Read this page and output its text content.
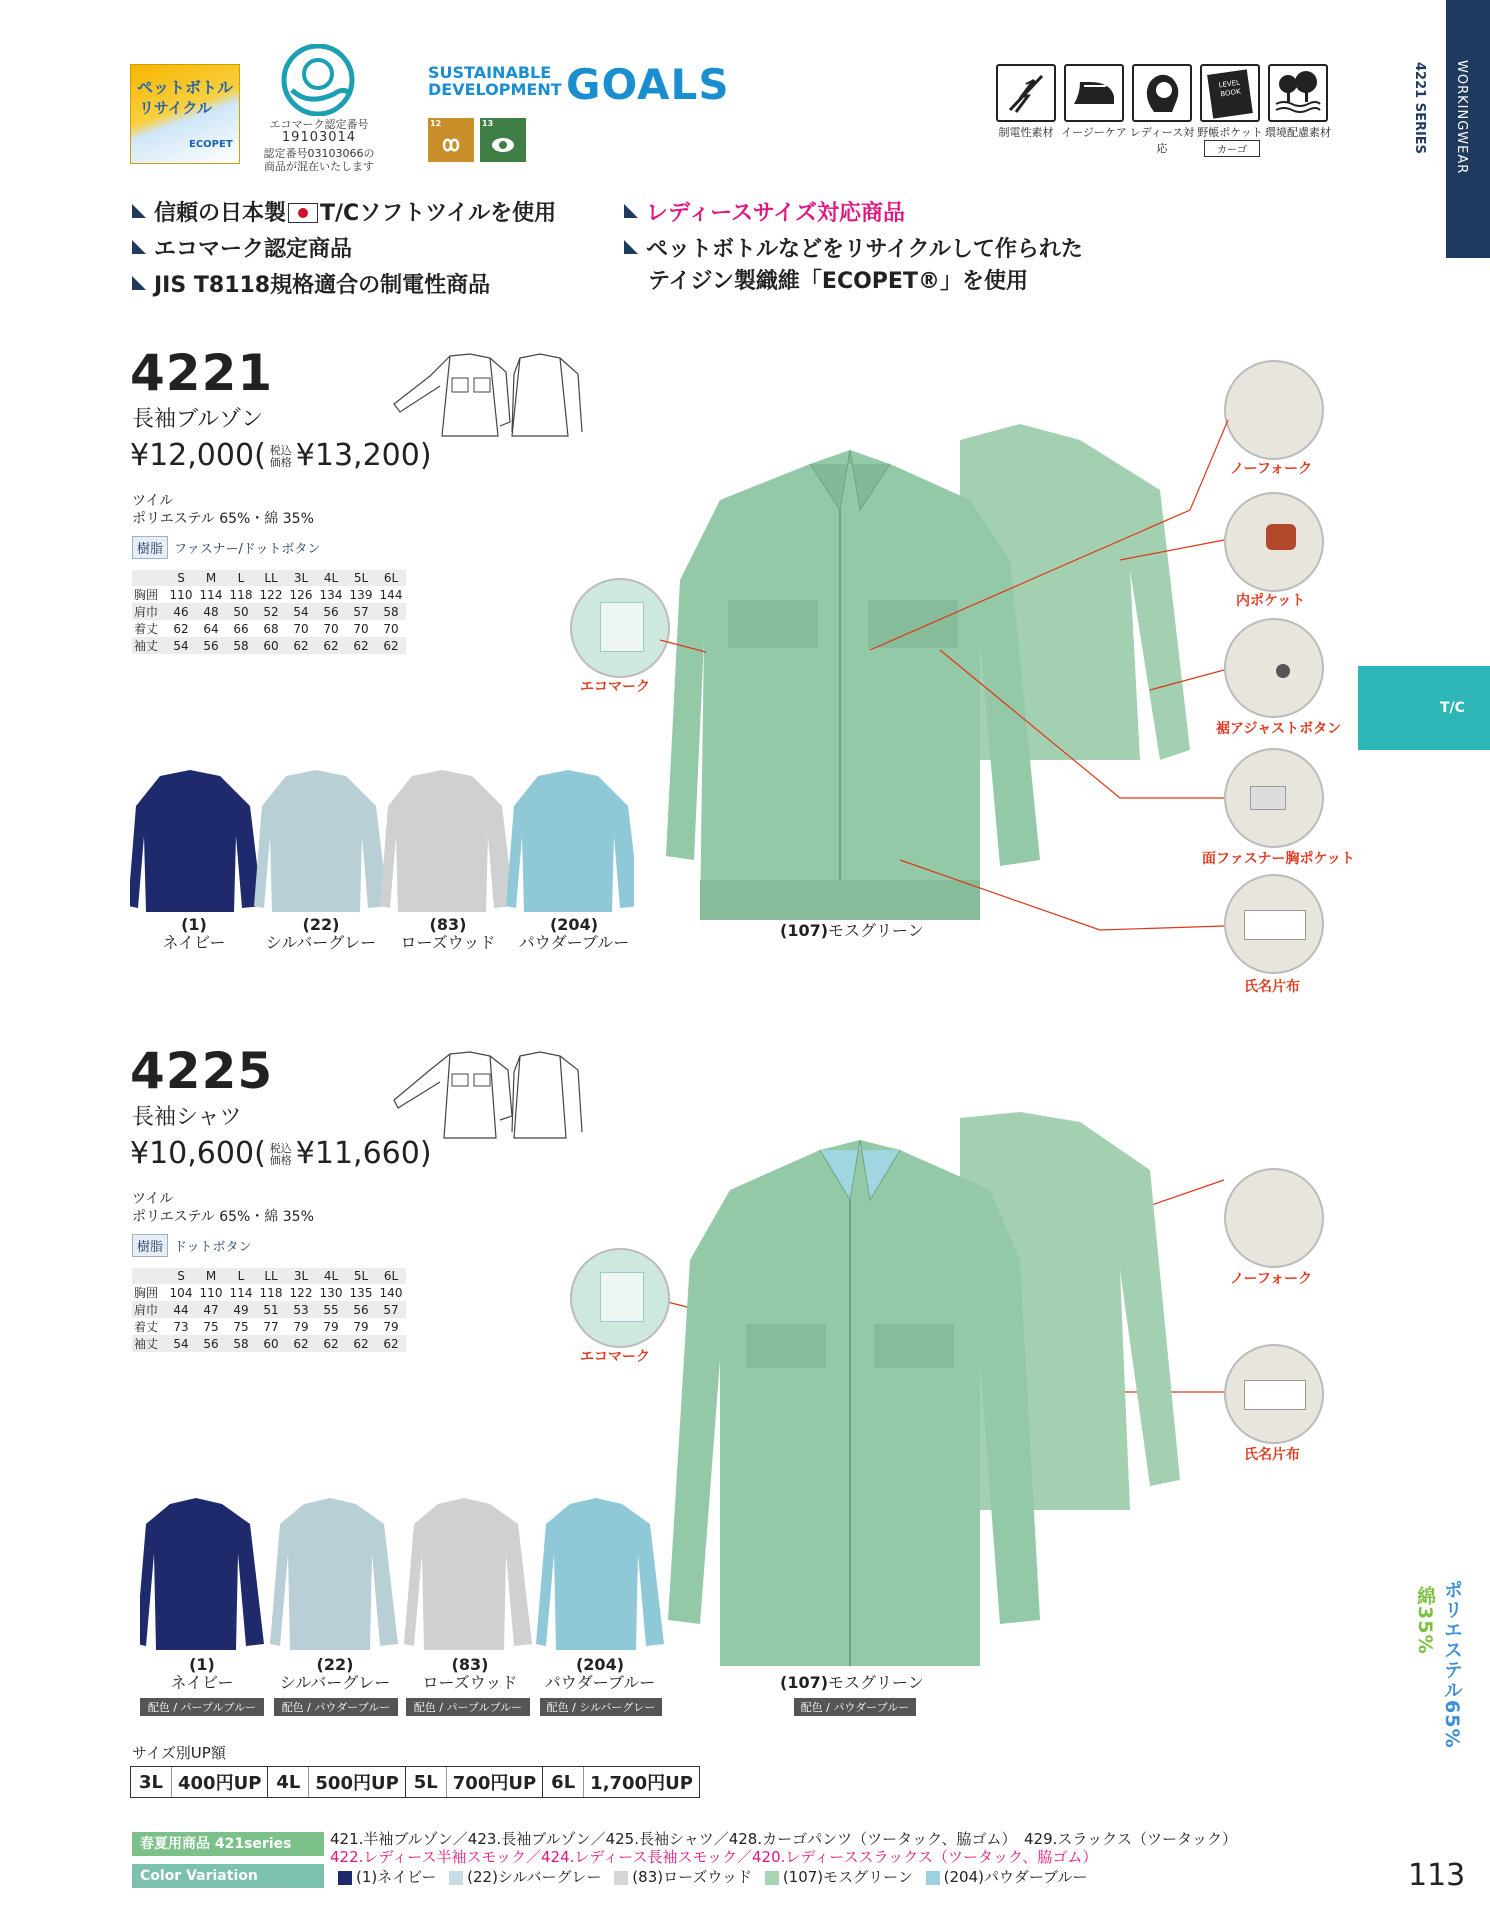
WORKINGWEAR
4221 SERIES
T/C
ポリエステル65%
綿35%
113
ペットボトル
リサイクル
ECOPET
エコマーク認定番号
19103014
認定番号03103066の
商品が混在いたします
SUSTAINABLE
DEVELOPMENT GOALS
12	13
制電性素材 イージーケア レディース対応
LEVEL BOOK
野帳ポケット
カーゴ
環境配慮素材
信頼の日本製 T/Cソフトツイルを使用
エコマーク認定商品
JIS T8118規格適合の制電性商品
レディースサイズ対応商品
ペットボトルなどをリサイクルして作られた
テイジン製織維「ECOPET®」を使用
4221
長袖ブルゾン
¥12,000( 税込
価格 ¥13,200)
ツイル
ポリエステル 65%・綿 35%
樹脂 ファスナー/ドットボタン
	S	M	L	LL	3L	4L	5L	6L
胸囲	110	114	118	122	126	134	139	144
肩巾	46	48	50	52	54	56	57	58
着丈	62	64	66	68	70	70	70	70
袖丈	54	56	58	60	62	62	62	62
(1)
ネイビー
(22)
シルバーグレー
(83)
ローズウッド
(204)
パウダーブルー
(107)モスグリーン
エコマーク
ノーフォーク
内ポケット
裾アジャストボタン
面ファスナー胸ポケット
氏名片布
4225
長袖シャツ
¥10,600( 税込
価格 ¥11,660)
ツイル
ポリエステル 65%・綿 35%
樹脂 ドットボタン
	S	M	L	LL	3L	4L	5L	6L
胸囲	104	110	114	118	122	130	135	140
肩巾	44	47	49	51	53	55	56	57
着丈	73	75	75	77	79	79	79	79
袖丈	54	56	58	60	62	62	62	62
(1)
ネイビー
(22)
シルバーグレー
(83)
ローズウッド
(204)
パウダーブルー
配色 / パープルブルー	配色 / パウダーブルー	配色 / パープルブルー	配色 / シルバーグレー
(107)モスグリーン
配色 / パウダーブルー
エコマーク
ノーフォーク
氏名片布
サイズ別UP額
3L 400円UP 4L 500円UP 5L 700円UP 6L 1,700円UP
春夏用商品 421series
Color Variation
421.半袖ブルゾン／423.長袖ブルゾン／425.長袖シャツ／428.カーゴパンツ（ツータック、脇ゴム）　429.スラックス（ツータック）
422.レディース半袖スモック／424.レディース長袖スモック／420.レディーススラックス（ツータック、脇ゴム）
(1)ネイビー (22)シルバーグレー (83)ローズウッド (107)モスグリーン (204)パウダーブルー
